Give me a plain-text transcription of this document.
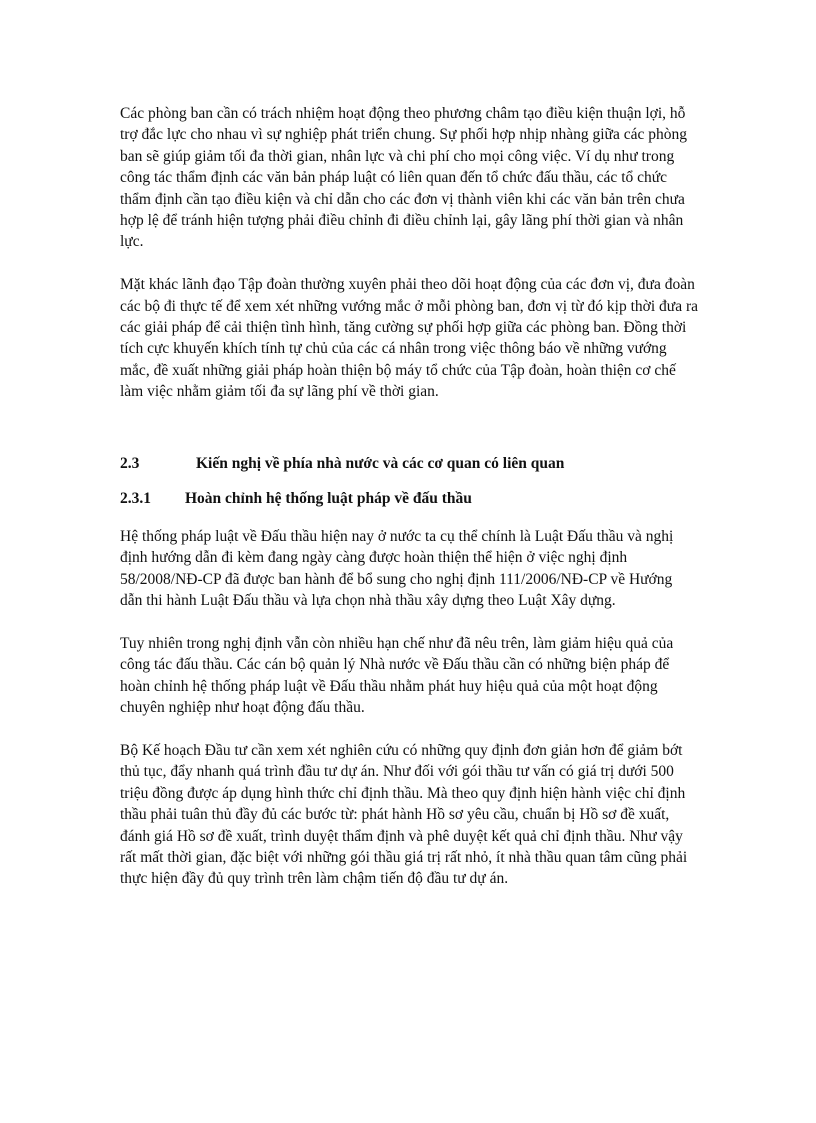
Các phòng ban cần có trách nhiệm hoạt động theo phương châm tạo điều kiện thuận lợi, hỗ trợ đắc lực cho nhau vì sự nghiệp phát triển chung. Sự phối hợp nhịp nhàng giữa các phòng ban sẽ giúp giảm tối đa thời gian, nhân lực và chi phí cho mọi công việc. Ví dụ như trong công tác thẩm định các văn bản pháp luật có liên quan đến tổ chức đấu thầu, các tổ chức thẩm định cần tạo điều kiện và chỉ dẫn cho các đơn vị thành viên khi các văn bản trên chưa hợp lệ để tránh hiện tượng phải điều chỉnh đi điều chỉnh lại, gây lãng phí thời gian và nhân lực.

Mặt khác lãnh đạo Tập đoàn thường xuyên phải theo dõi hoạt động của các đơn vị, đưa đoàn các bộ đi thực tế để xem xét những vướng mắc ở mỗi phòng ban, đơn vị từ đó kịp thời đưa ra các giải pháp để cải thiện tình hình, tăng cường sự phối hợp giữa các phòng ban. Đồng thời tích cực khuyến khích tính tự chủ của các cá nhân trong việc thông báo về những vướng mắc, đề xuất những giải pháp hoàn thiện bộ máy tổ chức của Tập đoàn, hoàn thiện cơ chế làm việc nhằm giảm tối đa sự lãng phí về thời gian.

2.3	Kiến nghị về phía nhà nước và các cơ quan có liên quan
2.3.1	Hoàn chỉnh hệ thống luật pháp về đấu thầu

Hệ thống pháp luật về Đấu thầu hiện nay ở nước ta cụ thể chính là Luật Đấu thầu và nghị định hướng dẫn đi kèm đang ngày càng được hoàn thiện thể hiện ở việc nghị định 58/2008/NĐ-CP đã được ban hành để bổ sung cho nghị định 111/2006/NĐ-CP về Hướng dẫn thi hành Luật Đấu thầu và lựa chọn nhà thầu xây dựng theo Luật Xây dựng.

Tuy nhiên trong nghị định vẫn còn nhiều hạn chế như đã nêu trên, làm giảm hiệu quả của công tác đấu thầu. Các cán bộ quản lý Nhà nước về Đấu thầu cần có những biện pháp để hoàn chỉnh hệ thống pháp luật về Đấu thầu nhằm phát huy hiệu quả của một hoạt động chuyên nghiệp như hoạt động đấu thầu.

Bộ Kế hoạch Đầu tư cần xem xét nghiên cứu có những quy định đơn giản hơn để giảm bớt thủ tục, đẩy nhanh quá trình đầu tư dự án. Như đối với gói thầu tư vấn có giá trị dưới 500 triệu đồng được áp dụng hình thức chỉ định thầu. Mà theo quy định hiện hành việc chỉ định thầu phải tuân thủ đầy đủ các bước từ: phát hành Hồ sơ yêu cầu, chuẩn bị Hồ sơ đề xuất, đánh giá Hồ sơ đề xuất, trình duyệt thẩm định và phê duyệt kết quả chỉ định thầu. Như vậy rất mất thời gian, đặc biệt với những gói thầu giá trị rất nhỏ, ít nhà thầu quan tâm cũng phải thực hiện đầy đủ quy trình trên làm chậm tiến độ đầu tư dự án.
